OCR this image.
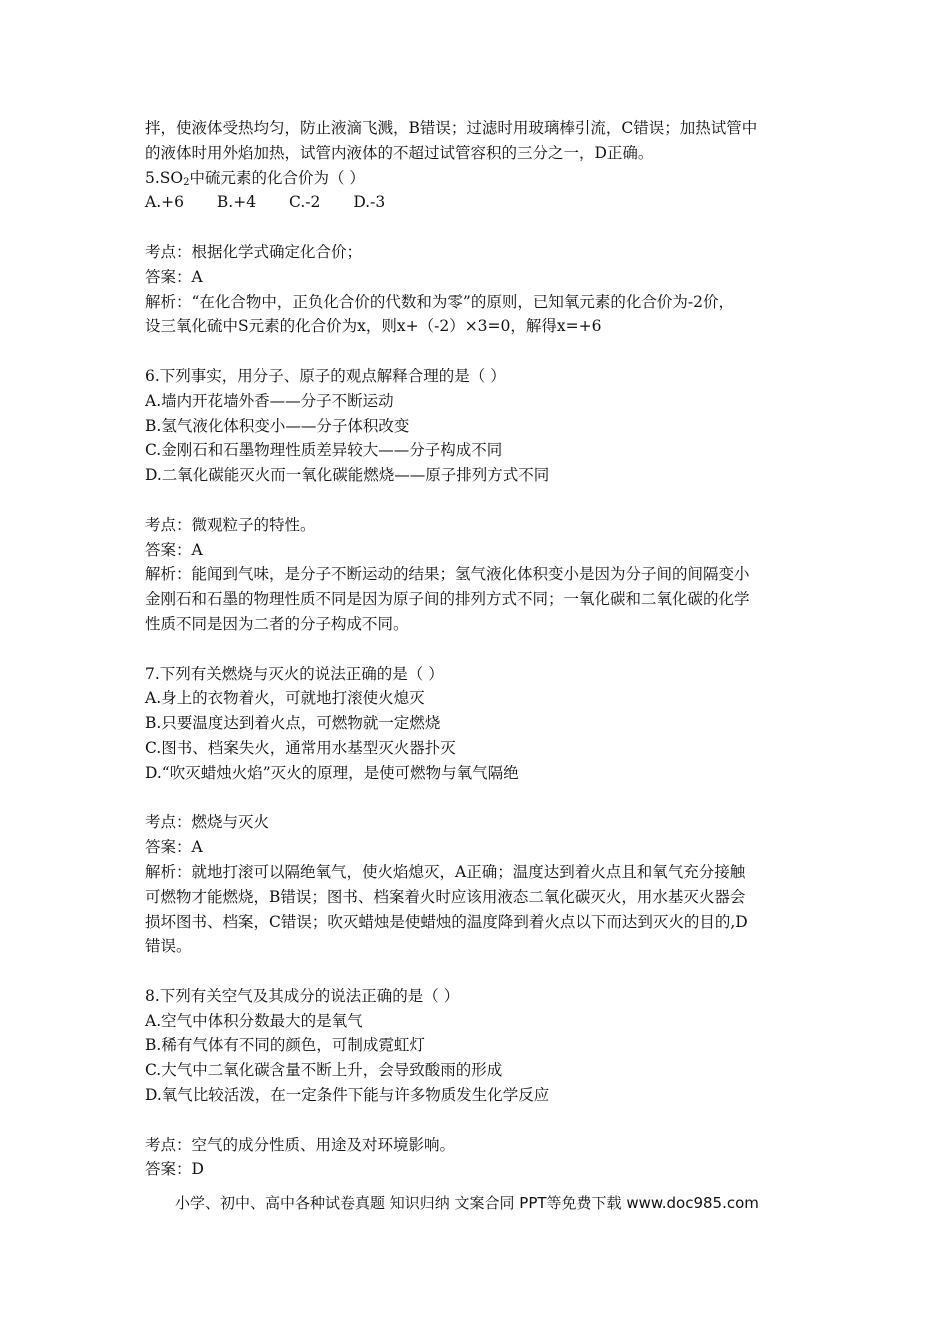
拌，使液体受热均匀，防止液滴飞溅，B错误；过滤时用玻璃棒引流，C错误；加热试管中
的液体时用外焰加热，试管内液体的不超过试管容积的三分之一，D正确。
$5.SO_2$中硫元素的化合价为（ ）
A.+6 B.+4 C.-2 D.-3
考点：根据化学式确定化合价；
答案：A
解析：“在化合物中，正负化合价的代数和为零”的原则，已知氧元素的化合价为-2价，
设三氧化硫中S元素的化合价为x，则x+（-2）×3=0，解得x=+6
6.下列事实，用分子、原子的观点解释合理的是（ ）
A.墙内开花墙外香——分子不断运动
B.氢气液化体积变小——分子体积改变
C.金刚石和石墨物理性质差异较大——分子构成不同
D.二氧化碳能灭火而一氧化碳能燃烧——原子排列方式不同
考点：微观粒子的特性。
答案：A
解析：能闻到气味，是分子不断运动的结果；氢气液化体积变小是因为分子间的间隔变小
金刚石和石墨的物理性质不同是因为原子间的排列方式不同；一氧化碳和二氧化碳的化学
性质不同是因为二者的分子构成不同。
7.下列有关燃烧与灭火的说法正确的是（ ）
A.身上的衣物着火，可就地打滚使火熄灭
B.只要温度达到着火点，可燃物就一定燃烧
C.图书、档案失火，通常用水基型灭火器扑灭
D.“吹灭蜡烛火焰”灭火的原理，是使可燃物与氧气隔绝
考点：燃烧与灭火
答案：A
解析：就地打滚可以隔绝氧气，使火焰熄灭，A正确；温度达到着火点且和氧气充分接触
可燃物才能燃烧，B错误；图书、档案着火时应该用液态二氧化碳灭火，用水基灭火器会
损坏图书、档案，C错误；吹灭蜡烛是使蜡烛的温度降到着火点以下而达到灭火的目的,D
错误。
8.下列有关空气及其成分的说法正确的是（ ）
A.空气中体积分数最大的是氧气
B.稀有气体有不同的颜色，可制成霓虹灯
C.大气中二氧化碳含量不断上升，会导致酸雨的形成
D.氧气比较活泼，在一定条件下能与许多物质发生化学反应
考点：空气的成分性质、用途及对环境影响。
答案：D
小学、初中、高中各种试卷真题 知识归纳 文案合同 PPT等免费下载 www.doc985.com
